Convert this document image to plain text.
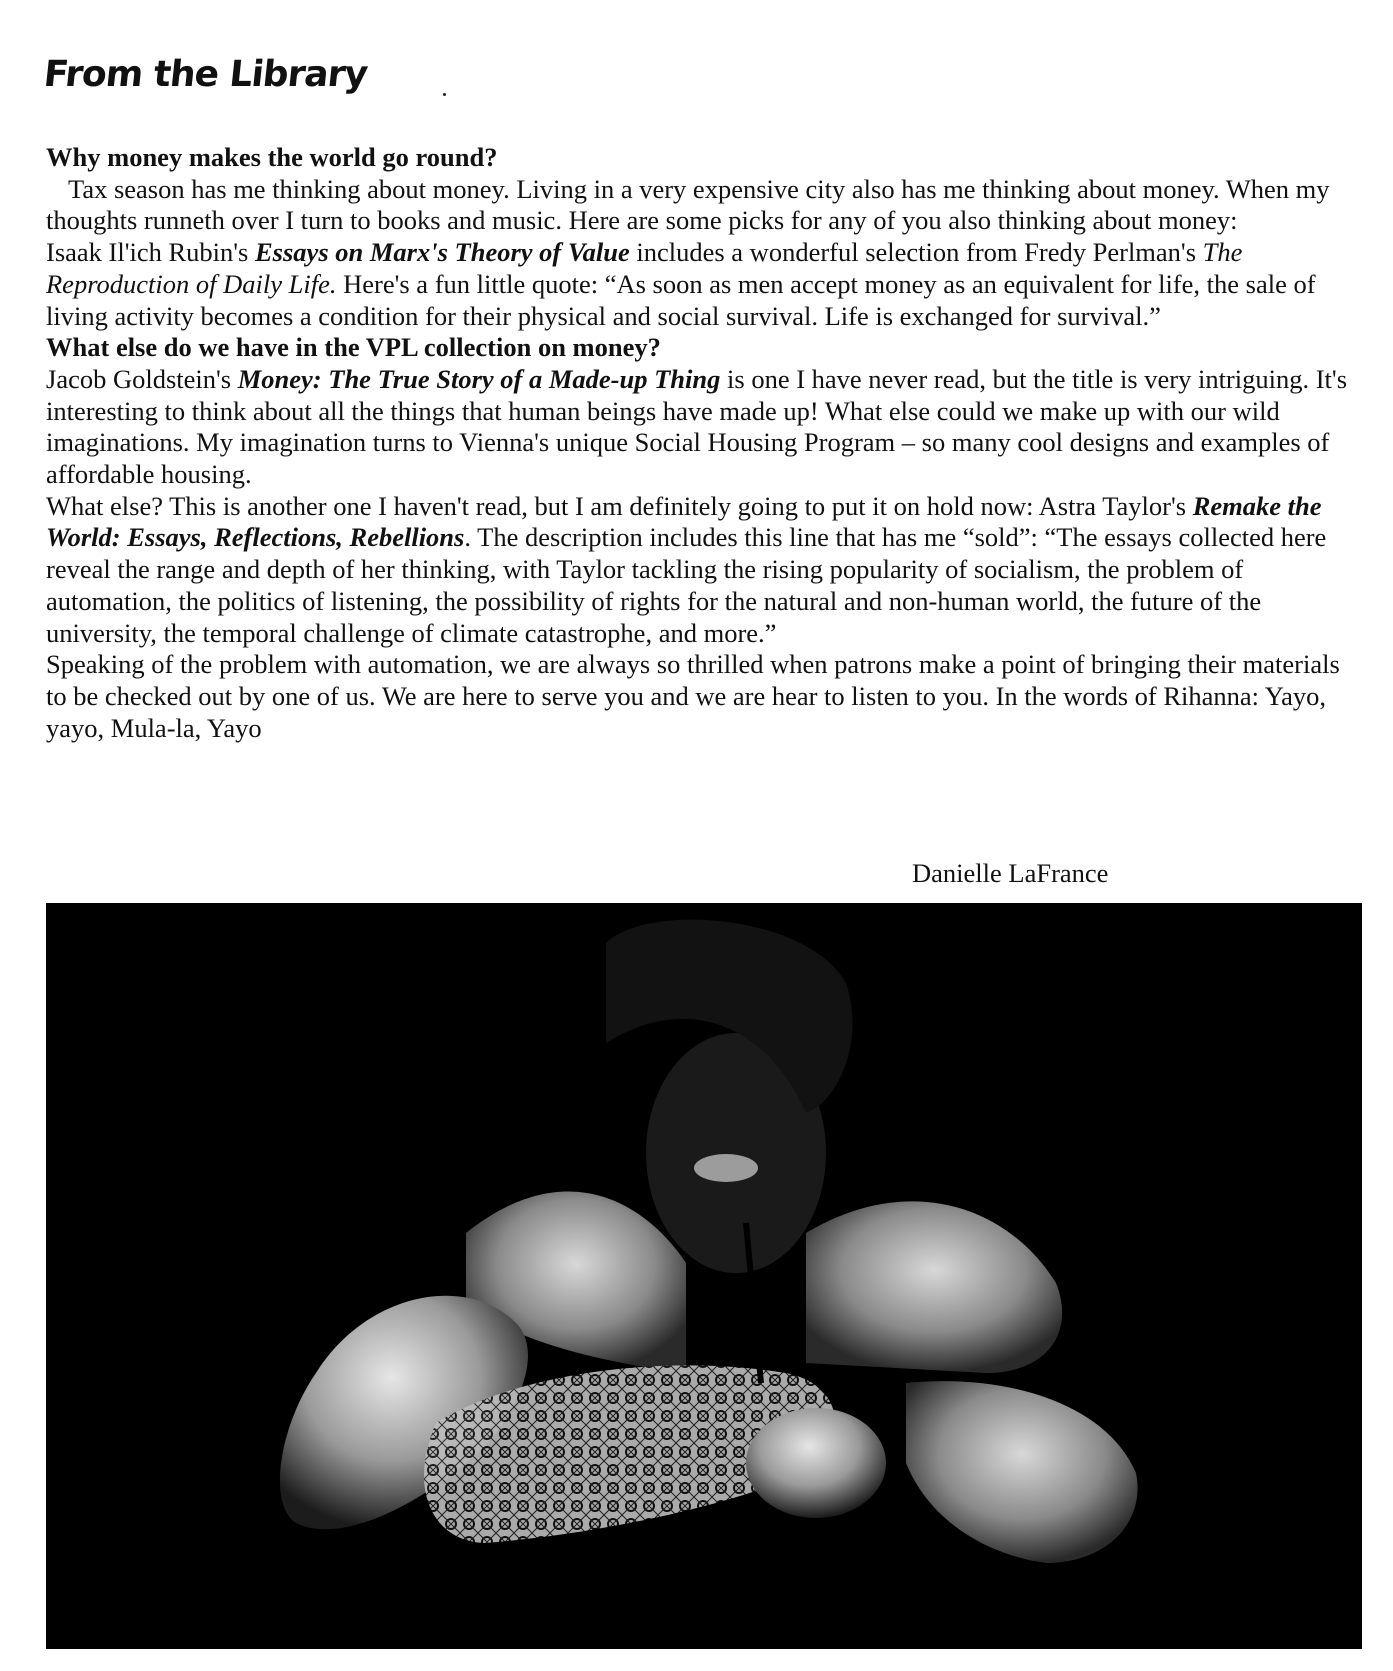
From the Library
Why money makes the world go round?

Tax season has me thinking about money. Living in a very expensive city also has me thinking about money. When my thoughts runneth over I turn to books and music. Here are some picks for any of you also thinking about money:

Isaak Il'ich Rubin's Essays on Marx's Theory of Value includes a wonderful selection from Fredy Perlman's The Reproduction of Daily Life. Here's a fun little quote: “As soon as men accept money as an equivalent for life, the sale of living activity becomes a condition for their physical and social survival. Life is exchanged for survival.”

What else do we have in the VPL collection on money?

Jacob Goldstein's Money: The True Story of a Made-up Thing is one I have never read, but the title is very intriguing. It's interesting to think about all the things that human beings have made up! What else could we make up with our wild imaginations. My imagination turns to Vienna's unique Social Housing Program – so many cool designs and examples of affordable housing.

What else? This is another one I haven't read, but I am definitely going to put it on hold now: Astra Taylor's Remake the World: Essays, Reflections, Rebellions. The description includes this line that has me “sold”: “The essays collected here reveal the range and depth of her thinking, with Taylor tackling the rising popularity of socialism, the problem of automation, the politics of listening, the possibility of rights for the natural and non-human world, the future of the university, the temporal challenge of climate catastrophe, and more.”

Speaking of the problem with automation, we are always so thrilled when patrons make a point of bringing their materials to be checked out by one of us. We are here to serve you and we are hear to listen to you. In the words of Rihanna: Yayo, yayo, Mula-la, Yayo

Danielle LaFrance
